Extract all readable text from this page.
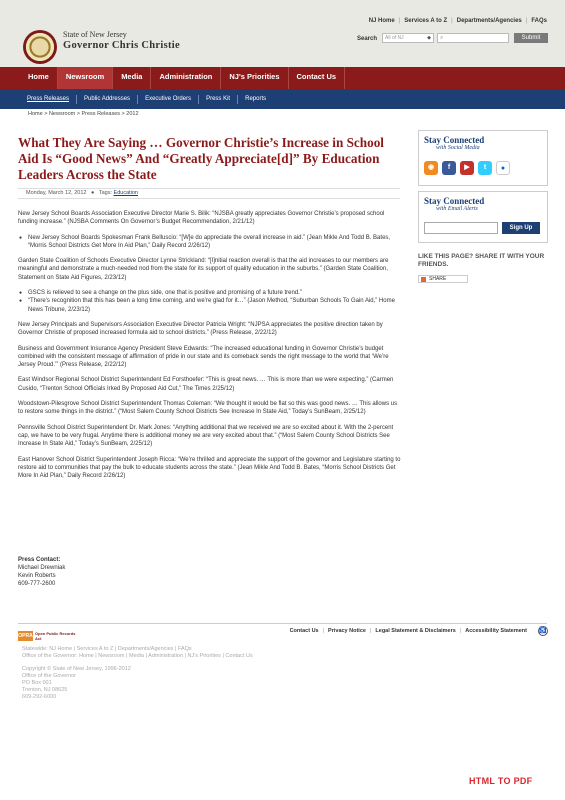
NJ Home | Services A to Z | Departments/Agencies | FAQs
State of New Jersey
Governor Chris Christie
Search	All of NJ	◆ ⌕	Submit
Home	Newsroom	Media	Administration	NJ's Priorities	Contact Us
Press Releases	Public Addresses	Executive Orders	Press Kit	Reports
Home > Newsroom > Press Releases > 2012
What They Are Saying … Governor Christie’s Increase in School Aid Is “Good News” And “Greatly Appreciate[d]” By Education Leaders Across the State
Monday, March 12, 2012   ●   Tags: Education

New Jersey School Boards Association Executive Director Marie S. Bilik: “NJSBA greatly appreciates Governor Christie’s proposed school funding increase.” (NJSBA Comments On Governor’s Budget Recommendation, 2/21/12)

● New Jersey School Boards Spokesman Frank Belluscio: “[W]e do appreciate the overall increase in aid.” (Jean Mikle And Todd B. Bates, “Morris School Districts Get More In Aid Plan,” Daily Record 2/26/12)

Garden State Coalition of Schools Executive Director Lynne Strickland: “[I]nitial reaction overall is that the aid increases to our members are meaningful and demonstrate a much-needed nod from the state for its support of quality education in the suburbs.” (Garden State Coalition, Statement on State Aid Figures, 2/23/12)

● GSCS is relieved to see a change on the plus side, one that is positive and promising of a future trend.”
● “There’s recognition that this has been a long time coming, and we’re glad for it…” (Jason Method, “Suburban Schools To Gain Aid,” Home News Tribune, 2/23/12)

New Jersey Principals and Supervisors Association Executive Director Patricia Wright: “NJPSA appreciates the positive direction taken by Governor Christie of proposed increased formula aid to school districts.” (Press Release, 2/22/12)

Business and Government Insurance Agency President Steve Edwards: “The increased educational funding in Governor Christie’s budget combined with the consistent message of affirmation of pride in our state and its comeback sends the right message to the world that ‘We’re Jersey Proud.’” (Press Release, 2/22/12)

East Windsor Regional School District Superintendent Ed Forsthoefer: “This is great news. … This is more than we were expecting.” (Carmen Cusido, “Trenton School Officials Irked By Proposed Aid Cut,” The Times 2/25/12)

Woodstown-Pilesgrove School District Superintendent Thomas Coleman: “We thought it would be flat so this was good news. … This allows us to restore some things in the district.” (“Most Salem County School Districts See Increase In State Aid,” Today’s SunBeam, 2/25/12)

Pennsville School District Superintendent Dr. Mark Jones: “Anything additional that we received we are so excited about it. With the 2-percent cap, we have to be very frugal. Anytime there is additional money we are very excited about that.” (“Most Salem County School Districts See Increase In State Aid,” Today’s SunBeam, 2/25/12)

East Hanover School District Superintendent Joseph Ricca: “We’re thrilled and appreciate the support of the governor and Legislature starting to restore aid to communities that pay the bulk to educate students across the state.” (Jean Mikle And Todd B. Bates, “Morris School Districts Get More In Aid Plan,” Daily Record 2/26/12)

Press Contact:
Michael Drewniak
Kevin Roberts
609-777-2600
Stay Connected
with Social Media
◉	f	▶	t	●
Stay Connected
with Email Alerts
Sign Up
LIKE THIS PAGE? SHARE IT WITH YOUR FRIENDS.
SHARE
OPRA Open Public Records Act
Contact Us | Privacy Notice | Legal Statement & Disclaimers | Accessibility Statement ♿
Statewide: NJ Home | Services A to Z | Departments/Agencies | FAQs
Office of the Governor: Home | Newsroom | Media | Administration | NJ's Priorities | Contact Us
Copyright © State of New Jersey, 1996-2012
Office of the Governor
PO Box 001
Trenton, NJ 08625
609-292-6000
HTML TO PDF
